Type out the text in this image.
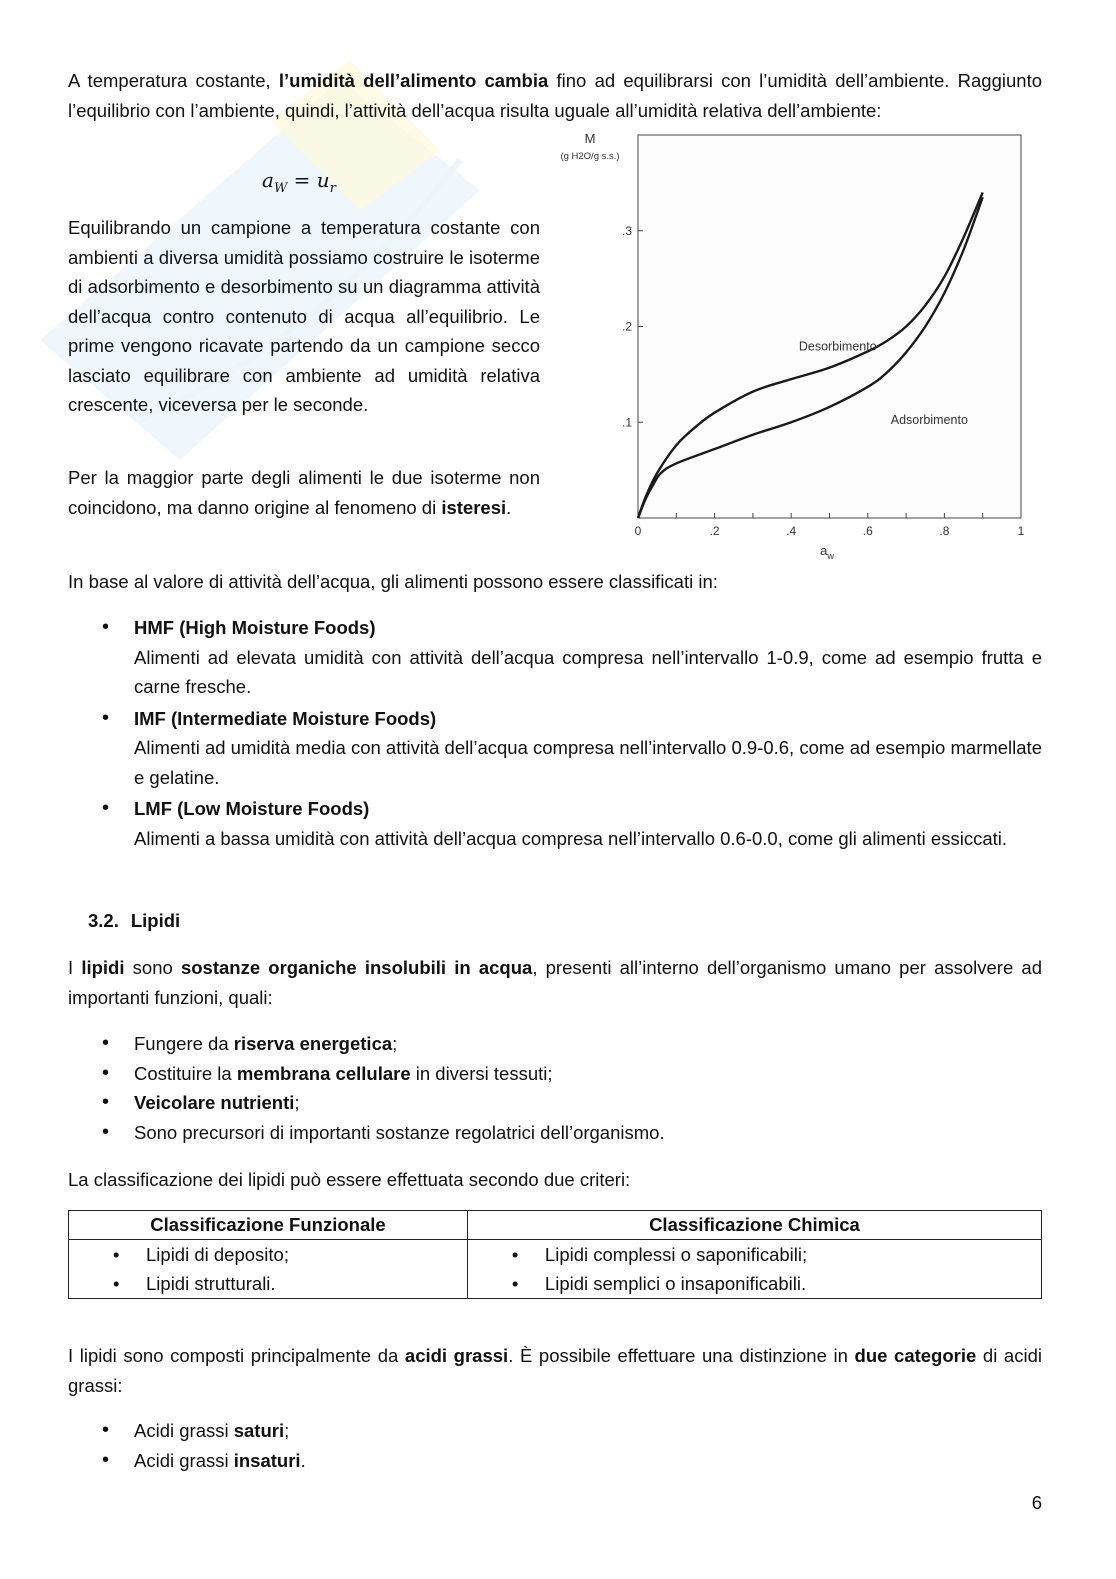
A temperatura costante, l’umidità dell’alimento cambia fino ad equilibrarsi con l’umidità dell’ambiente. Raggiunto l’equilibrio con l’ambiente, quindi, l’attività dell’acqua risulta uguale all’umidità relativa dell’ambiente:

$a_W = u_r$

Equilibrando un campione a temperatura costante con ambienti a diversa umidità possiamo costruire le isoterme di adsorbimento e desorbimento su un diagramma attività dell’acqua contro contenuto di acqua all’equilibrio. Le prime vengono ricavate partendo da un campione secco lasciato equilibrare con ambiente ad umidità relativa crescente, viceversa per le seconde.

Per la maggior parte degli alimenti le due isoterme non coincidono, ma danno origine al fenomeno di isteresi.

M
(g H2O/g s.s.)
0	.2	.4	.6	.8	1
.1
.2
.3
Desorbimento
Adsorbimento
$a_w$

In base al valore di attività dell’acqua, gli alimenti possono essere classificati in:

• HMF (High Moisture Foods)
Alimenti ad elevata umidità con attività dell’acqua compresa nell’intervallo 1-0.9, come ad esempio frutta e carne fresche.
• IMF (Intermediate Moisture Foods)
Alimenti ad umidità media con attività dell’acqua compresa nell’intervallo 0.9-0.6, come ad esempio marmellate e gelatine.
• LMF (Low Moisture Foods)
Alimenti a bassa umidità con attività dell’acqua compresa nell’intervallo 0.6-0.0, come gli alimenti essiccati.
3.2. Lipidi

I lipidi sono sostanze organiche insolubili in acqua, presenti all’interno dell’organismo umano per assolvere ad importanti funzioni, quali:

• Fungere da riserva energetica;
• Costituire la membrana cellulare in diversi tessuti;
• Veicolare nutrienti;
• Sono precursori di importanti sostanze regolatrici dell’organismo.

La classificazione dei lipidi può essere effettuata secondo due criteri:

Classificazione Funzionale	Classificazione Chimica

• Lipidi di deposito;
• Lipidi strutturali.

• Lipidi complessi o saponificabili;
• Lipidi semplici o insaponificabili.

I lipidi sono composti principalmente da acidi grassi. È possibile effettuare una distinzione in due categorie di acidi grassi:

• Acidi grassi saturi;
• Acidi grassi insaturi.
6
